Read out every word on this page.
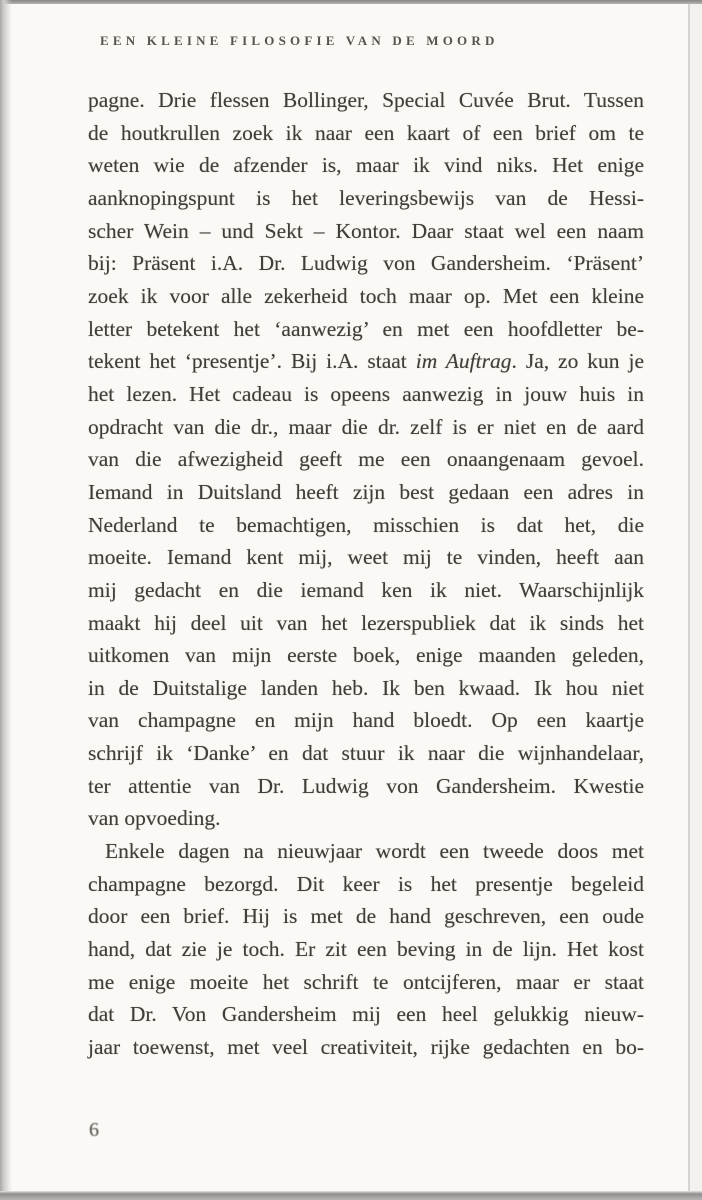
EEN KLEINE FILOSOFIE VAN DE MOORD
pagne. Drie flessen Bollinger, Special Cuvée Brut. Tussen
de houtkrullen zoek ik naar een kaart of een brief om te
weten wie de afzender is, maar ik vind niks. Het enige
aanknopingspunt is het leveringsbewijs van de Hessi-
scher Wein – und Sekt – Kontor. Daar staat wel een naam
bij: Präsent i.A. Dr. Ludwig von Gandersheim. ‘Präsent’
zoek ik voor alle zekerheid toch maar op. Met een kleine
letter betekent het ‘aanwezig’ en met een hoofdletter be-
tekent het ‘presentje’. Bij i.A. staat im Auftrag. Ja, zo kun je
het lezen. Het cadeau is opeens aanwezig in jouw huis in
opdracht van die dr., maar die dr. zelf is er niet en de aard
van die afwezigheid geeft me een onaangenaam gevoel.
Iemand in Duitsland heeft zijn best gedaan een adres in
Nederland te bemachtigen, misschien is dat het, die
moeite. Iemand kent mij, weet mij te vinden, heeft aan
mij gedacht en die iemand ken ik niet. Waarschijnlijk
maakt hij deel uit van het lezerspubliek dat ik sinds het
uitkomen van mijn eerste boek, enige maanden geleden,
in de Duitstalige landen heb. Ik ben kwaad. Ik hou niet
van champagne en mijn hand bloedt. Op een kaartje
schrijf ik ‘Danke’ en dat stuur ik naar die wijnhandelaar,
ter attentie van Dr. Ludwig von Gandersheim. Kwestie
van opvoeding.
Enkele dagen na nieuwjaar wordt een tweede doos met
champagne bezorgd. Dit keer is het presentje begeleid
door een brief. Hij is met de hand geschreven, een oude
hand, dat zie je toch. Er zit een beving in de lijn. Het kost
me enige moeite het schrift te ontcijferen, maar er staat
dat Dr. Von Gandersheim mij een heel gelukkig nieuw-
jaar toewenst, met veel creativiteit, rijke gedachten en bo-
6
